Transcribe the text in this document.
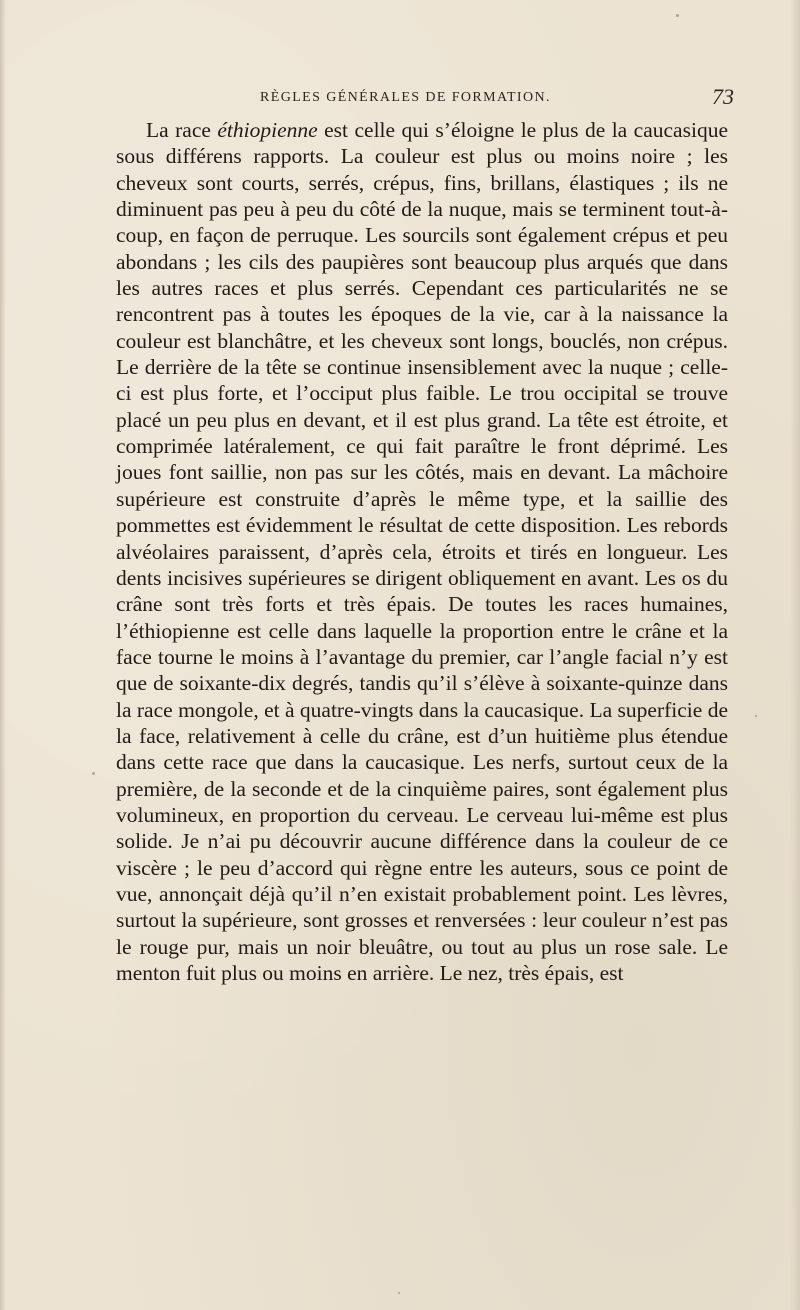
RÈGLES GÉNÉRALES DE FORMATION.	73

La race éthiopienne est celle qui s’éloigne le plus de la caucasique sous différens rapports. La couleur est plus ou moins noire ; les cheveux sont courts, serrés, crépus, fins, brillans, élastiques ; ils ne diminuent pas peu à peu du côté de la nuque, mais se terminent tout-à-coup, en façon de perruque. Les sourcils sont également crépus et peu abondans ; les cils des paupières sont beaucoup plus arqués que dans les autres races et plus serrés. Cependant ces particularités ne se rencontrent pas à toutes les époques de la vie, car à la naissance la couleur est blanchâtre, et les cheveux sont longs, bouclés, non crépus. Le derrière de la tête se continue insensiblement avec la nuque ; celle-ci est plus forte, et l’occiput plus faible. Le trou occipital se trouve placé un peu plus en devant, et il est plus grand. La tête est étroite, et comprimée latéralement, ce qui fait paraître le front déprimé. Les joues font saillie, non pas sur les côtés, mais en devant. La mâchoire supérieure est construite d’après le même type, et la saillie des pommettes est évidemment le résultat de cette disposition. Les rebords alvéolaires paraissent, d’après cela, étroits et tirés en longueur. Les dents incisives supérieures se dirigent obliquement en avant. Les os du crâne sont très forts et très épais. De toutes les races humaines, l’éthiopienne est celle dans laquelle la proportion entre le crâne et la face tourne le moins à l’avantage du premier, car l’angle facial n’y est que de soixante-dix degrés, tandis qu’il s’élève à soixante-quinze dans la race mongole, et à quatre-vingts dans la caucasique. La superficie de la face, relativement à celle du crâne, est d’un huitième plus étendue dans cette race que dans la caucasique. Les nerfs, surtout ceux de la première, de la seconde et de la cinquième paires, sont également plus volumineux, en proportion du cerveau. Le cerveau lui-même est plus solide. Je n’ai pu découvrir aucune différence dans la couleur de ce viscère ; le peu d’accord qui règne entre les auteurs, sous ce point de vue, annonçait déjà qu’il n’en existait probablement point. Les lèvres, surtout la supérieure, sont grosses et renversées : leur couleur n’est pas le rouge pur, mais un noir bleuâtre, ou tout au plus un rose sale. Le menton fuit plus ou moins en arrière. Le nez, très épais, est
